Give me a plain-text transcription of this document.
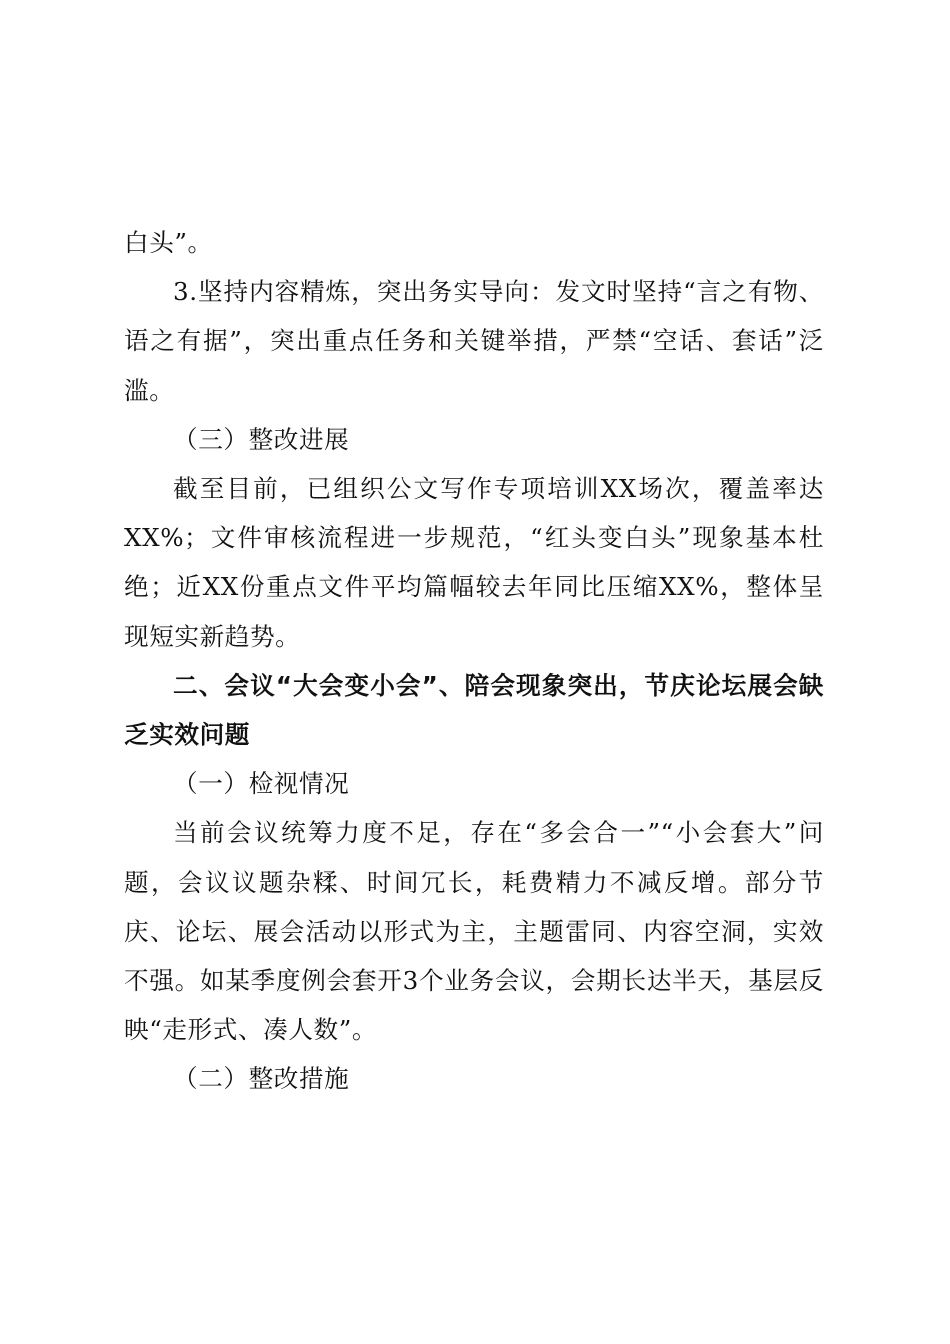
白头”。

3.坚持内容精炼，突出务实导向：发文时坚持“言之有物、语之有据”，突出重点任务和关键举措，严禁“空话、套话”泛滥。

（三）整改进展

截至目前，已组织公文写作专项培训XX场次，覆盖率达XX%；文件审核流程进一步规范，“红头变白头”现象基本杜绝；近XX份重点文件平均篇幅较去年同比压缩XX%，整体呈现短实新趋势。

二、会议“大会变小会”、陪会现象突出，节庆论坛展会缺乏实效问题

（一）检视情况

当前会议统筹力度不足，存在“多会合一”“小会套大”问题，会议议题杂糅、时间冗长，耗费精力不减反增。部分节庆、论坛、展会活动以形式为主，主题雷同、内容空洞，实效不强。如某季度例会套开3个业务会议，会期长达半天，基层反映“走形式、凑人数”。

（二）整改措施
